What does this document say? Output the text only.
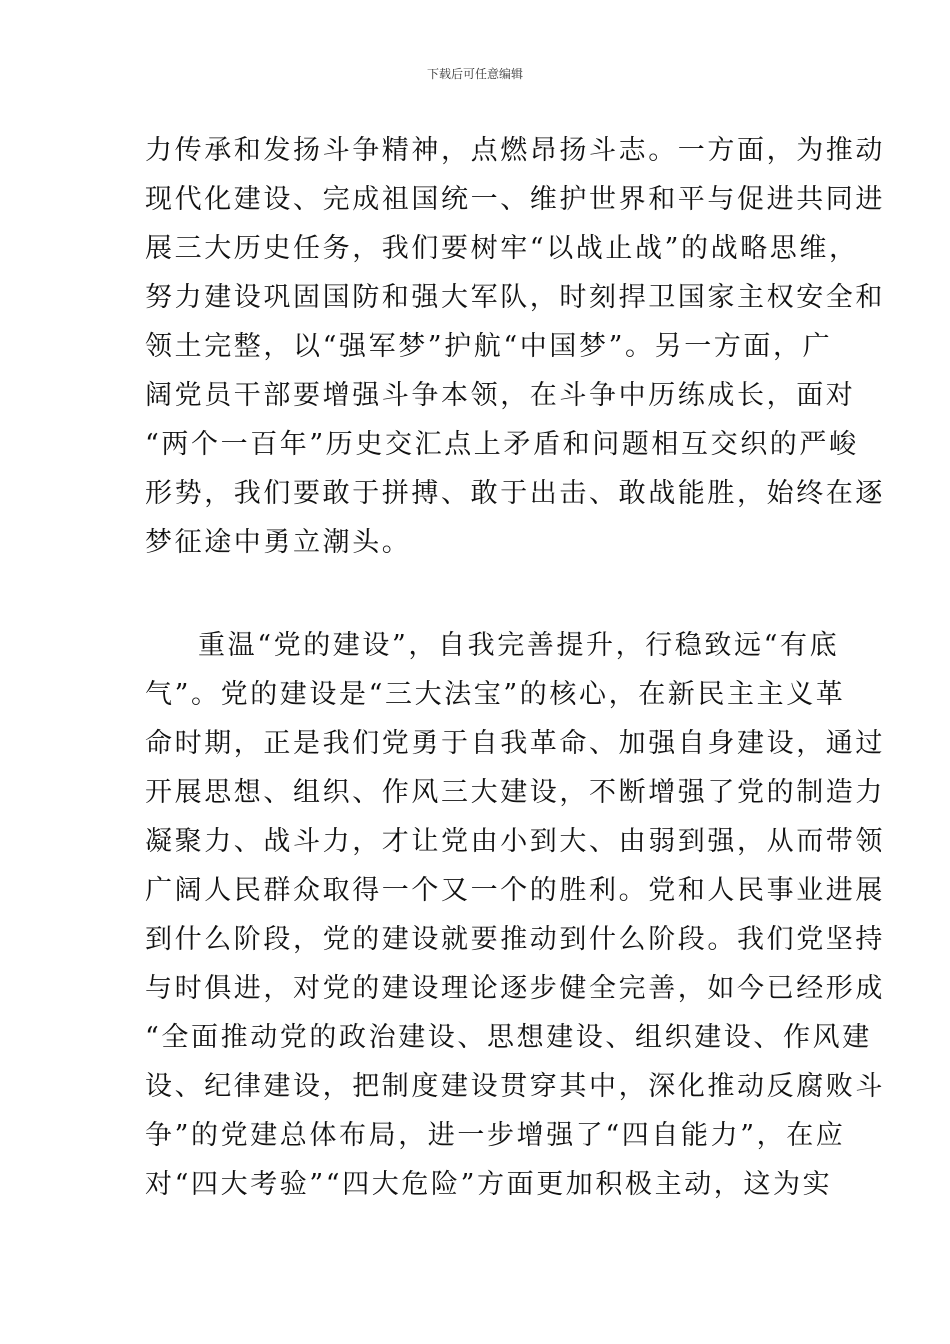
下载后可任意编辑
力传承和发扬斗争精神，点燃昂扬斗志。一方面，为推动
现代化建设、完成祖国统一、维护世界和平与促进共同进
展三大历史任务，我们要树牢“以战止战”的战略思维，
努力建设巩固国防和强大军队，时刻捍卫国家主权安全和
领土完整，以“强军梦”护航“中国梦”。另一方面，广
阔党员干部要增强斗争本领，在斗争中历练成长，面对
“两个一百年”历史交汇点上矛盾和问题相互交织的严峻
形势，我们要敢于拼搏、敢于出击、敢战能胜，始终在逐
梦征途中勇立潮头。
重温“党的建设”，自我完善提升，行稳致远“有底
气”。党的建设是“三大法宝”的核心，在新民主主义革
命时期，正是我们党勇于自我革命、加强自身建设，通过
开展思想、组织、作风三大建设，不断增强了党的制造力
凝聚力、战斗力，才让党由小到大、由弱到强，从而带领
广阔人民群众取得一个又一个的胜利。党和人民事业进展
到什么阶段，党的建设就要推动到什么阶段。我们党坚持
与时俱进，对党的建设理论逐步健全完善，如今已经形成
“全面推动党的政治建设、思想建设、组织建设、作风建
设、纪律建设，把制度建设贯穿其中，深化推动反腐败斗
争”的党建总体布局，进一步增强了“四自能力”，在应
对“四大考验”“四大危险”方面更加积极主动，这为实
